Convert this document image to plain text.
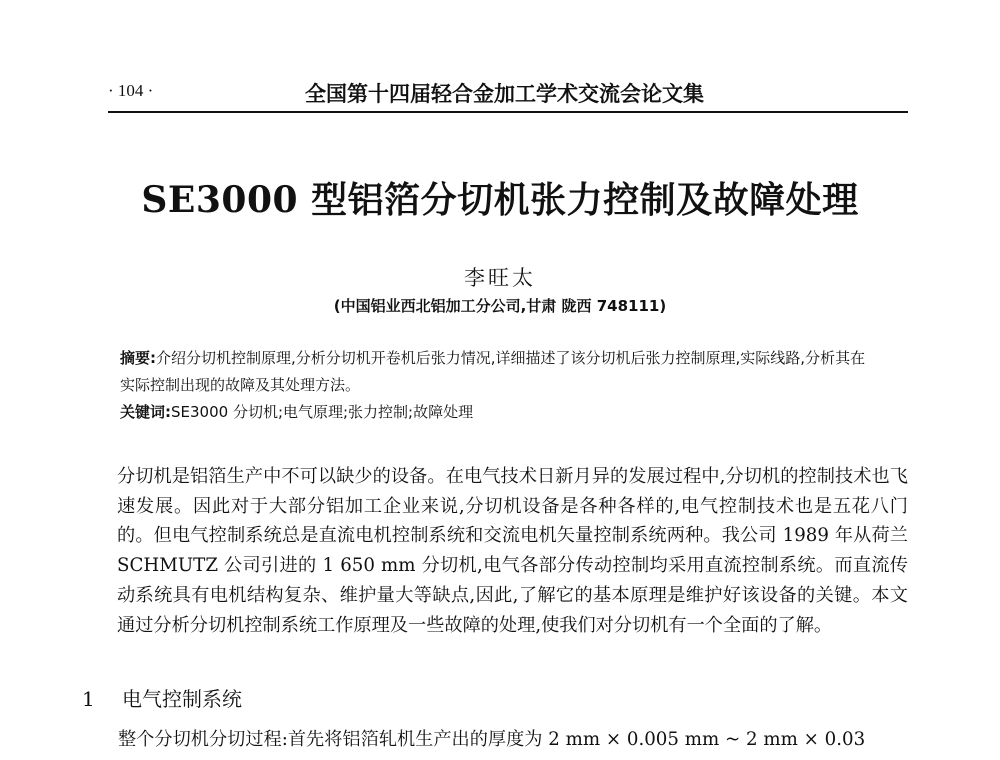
· 104 ·	全国第十四届轻合金加工学术交流会论文集
SE3000 型铝箔分切机张力控制及故障处理
李旺太
(中国铝业西北铝加工分公司,甘肃 陇西 748111)

摘要:介绍分切机控制原理,分析分切机开卷机后张力情况,详细描述了该分切机后张力控制原理,实际线路,分析其在实际控制出现的故障及其处理方法。

关键词:SE3000 分切机;电气原理;张力控制;故障处理

分切机是铝箔生产中不可以缺少的设备。在电气技术日新月异的发展过程中,分切机的控制技术也飞速发展。因此对于大部分铝加工企业来说,分切机设备是各种各样的,电气控制技术也是五花八门的。但电气控制系统总是直流电机控制系统和交流电机矢量控制系统两种。我公司 1989 年从荷兰 SCHMUTZ 公司引进的 1 650 mm 分切机,电气各部分传动控制均采用直流控制系统。而直流传动系统具有电机结构复杂、维护量大等缺点,因此,了解它的基本原理是维护好该设备的关键。本文通过分析分切机控制系统工作原理及一些故障的处理,使我们对分切机有一个全面的了解。

1 电气控制系统
整个分切机分切过程:首先将铝箔轧机生产出的厚度为 2 mm × 0.005 mm ~ 2 mm × 0.03
